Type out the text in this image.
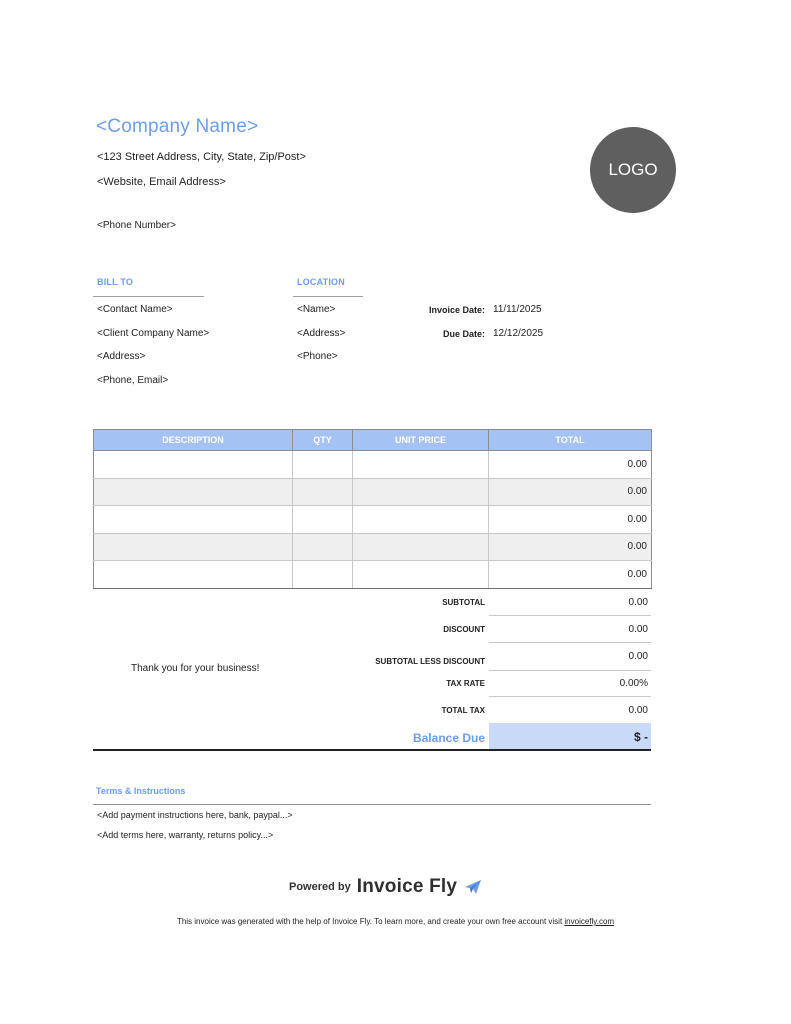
<Company Name>
<123 Street Address, City, State, Zip/Post>
<Website, Email Address>
<Phone Number>
LOGO
BILL TO
<Contact Name>
<Client Company Name>
<Address>
<Phone, Email>
LOCATION
<Name>
<Address>
<Phone>
Invoice Date: 11/11/2025
Due Date: 12/12/2025
DESCRIPTION	QTY	UNIT PRICE	TOTAL
			0.00
			0.00
			0.00
			0.00
			0.00
Thank you for your business!
SUBTOTAL	0.00
DISCOUNT	0.00
SUBTOTAL LESS DISCOUNT	0.00
TAX RATE	0.00%
TOTAL TAX	0.00
Balance Due	$ -
Terms & Instructions
<Add payment instructions here, bank, paypal...>
<Add terms here, warranty, returns policy...>
Powered by Invoice Fly
This invoice was generated with the help of Invoice Fly. To learn more, and create your own free account visit invoicefly.com
